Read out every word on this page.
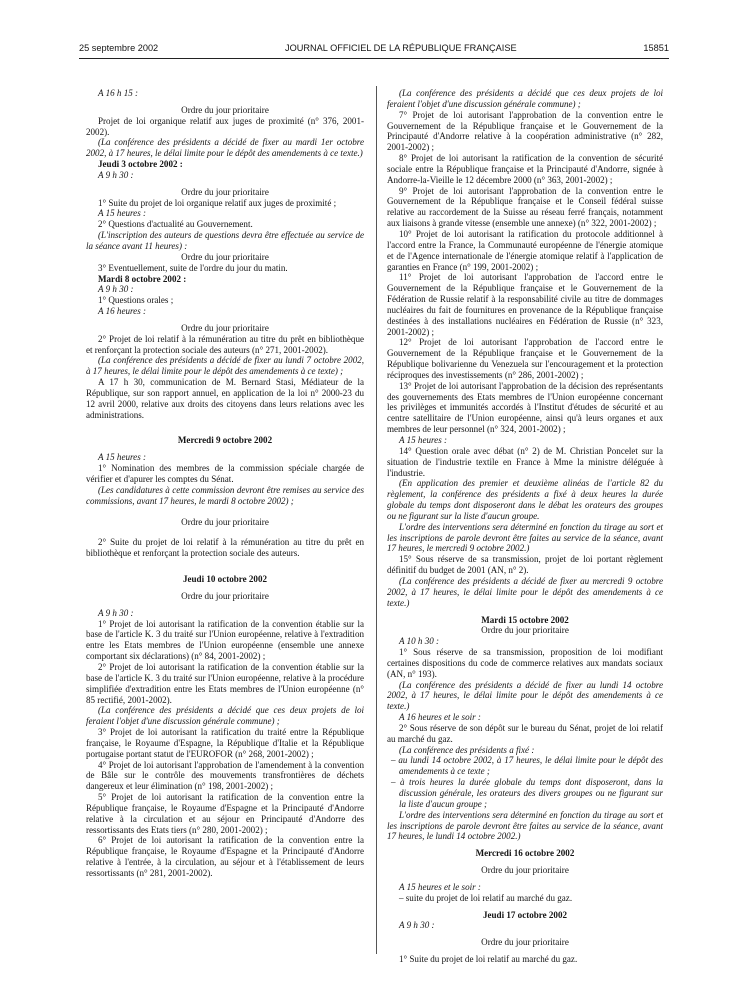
25 septembre 2002	JOURNAL OFFICIEL DE LA RÉPUBLIQUE FRANÇAISE	15851

A 16 h 15 :

Ordre du jour prioritaire

Projet de loi organique relatif aux juges de proximité (n° 376, 2001-2002).

(La conférence des présidents a décidé de fixer au mardi 1er octobre 2002, à 17 heures, le délai limite pour le dépôt des amendements à ce texte.)

Jeudi 3 octobre 2002 :

A 9 h 30 :

Ordre du jour prioritaire

1° Suite du projet de loi organique relatif aux juges de proximité ;

A 15 heures :

2° Questions d'actualité au Gouvernement.

(L'inscription des auteurs de questions devra être effectuée au service de la séance avant 11 heures) :

Ordre du jour prioritaire

3° Eventuellement, suite de l'ordre du jour du matin.

Mardi 8 octobre 2002 :

A 9 h 30 :

1° Questions orales ;

A 16 heures :

Ordre du jour prioritaire

2° Projet de loi relatif à la rémunération au titre du prêt en bibliothèque et renforçant la protection sociale des auteurs (n° 271, 2001-2002).

(La conférence des présidents a décidé de fixer au lundi 7 octobre 2002, à 17 heures, le délai limite pour le dépôt des amendements à ce texte) ;

A 17 h 30, communication de M. Bernard Stasi, Médiateur de la République, sur son rapport annuel, en application de la loi n° 2000-23 du 12 avril 2000, relative aux droits des citoyens dans leurs relations avec les administrations.

Mercredi 9 octobre 2002

A 15 heures :

1° Nomination des membres de la commission spéciale chargée de vérifier et d'apurer les comptes du Sénat.

(Les candidatures à cette commission devront être remises au service des commissions, avant 17 heures, le mardi 8 octobre 2002) ;

Ordre du jour prioritaire

2° Suite du projet de loi relatif à la rémunération au titre du prêt en bibliothèque et renforçant la protection sociale des auteurs.

Jeudi 10 octobre 2002

Ordre du jour prioritaire

A 9 h 30 :

1° Projet de loi autorisant la ratification de la convention établie sur la base de l'article K. 3 du traité sur l'Union européenne, relative à l'extradition entre les Etats membres de l'Union européenne (ensemble une annexe comportant six déclarations) (n° 84, 2001-2002) ;

2° Projet de loi autorisant la ratification de la convention établie sur la base de l'article K. 3 du traité sur l'Union européenne, relative à la procédure simplifiée d'extradition entre les Etats membres de l'Union européenne (n° 85 rectifié, 2001-2002).

(La conférence des présidents a décidé que ces deux projets de loi feraient l'objet d'une discussion générale commune) ;

3° Projet de loi autorisant la ratification du traité entre la République française, le Royaume d'Espagne, la République d'Italie et la République portugaise portant statut de l'EUROFOR (n° 268, 2001-2002) ;

4° Projet de loi autorisant l'approbation de l'amendement à la convention de Bâle sur le contrôle des mouvements transfrontières de déchets dangereux et leur élimination (n° 198, 2001-2002) ;

5° Projet de loi autorisant la ratification de la convention entre la République française, le Royaume d'Espagne et la Principauté d'Andorre relative à la circulation et au séjour en Principauté d'Andorre des ressortissants des Etats tiers (n° 280, 2001-2002) ;

6° Projet de loi autorisant la ratification de la convention entre la République française, le Royaume d'Espagne et la Principauté d'Andorre relative à l'entrée, à la circulation, au séjour et à l'établissement de leurs ressortissants (n° 281, 2001-2002).

(La conférence des présidents a décidé que ces deux projets de loi feraient l'objet d'une discussion générale commune) ;

7° Projet de loi autorisant l'approbation de la convention entre le Gouvernement de la République française et le Gouvernement de la Principauté d'Andorre relative à la coopération administrative (n° 282, 2001-2002) ;

8° Projet de loi autorisant la ratification de la convention de sécurité sociale entre la République française et la Principauté d'Andorre, signée à Andorre-la-Vieille le 12 décembre 2000 (n° 363, 2001-2002) ;

9° Projet de loi autorisant l'approbation de la convention entre le Gouvernement de la République française et le Conseil fédéral suisse relative au raccordement de la Suisse au réseau ferré français, notamment aux liaisons à grande vitesse (ensemble une annexe) (n° 322, 2001-2002) ;

10° Projet de loi autorisant la ratification du protocole additionnel à l'accord entre la France, la Communauté européenne de l'énergie atomique et de l'Agence internationale de l'énergie atomique relatif à l'application de garanties en France (n° 199, 2001-2002) ;

11° Projet de loi autorisant l'approbation de l'accord entre le Gouvernement de la République française et le Gouvernement de la Fédération de Russie relatif à la responsabilité civile au titre de dommages nucléaires du fait de fournitures en provenance de la République française destinées à des installations nucléaires en Fédération de Russie (n° 323, 2001-2002) ;

12° Projet de loi autorisant l'approbation de l'accord entre le Gouvernement de la République française et le Gouvernement de la République bolivarienne du Venezuela sur l'encouragement et la protection réciproques des investissements (n° 286, 2001-2002) ;

13° Projet de loi autorisant l'approbation de la décision des représentants des gouvernements des Etats membres de l'Union européenne concernant les privilèges et immunités accordés à l'Institut d'études de sécurité et au centre satellitaire de l'Union européenne, ainsi qu'à leurs organes et aux membres de leur personnel (n° 324, 2001-2002) ;

A 15 heures :

14° Question orale avec débat (n° 2) de M. Christian Poncelet sur la situation de l'industrie textile en France à Mme la ministre déléguée à l'industrie.

(En application des premier et deuxième alinéas de l'article 82 du règlement, la conférence des présidents a fixé à deux heures la durée globale du temps dont disposeront dans le débat les orateurs des groupes ou ne figurant sur la liste d'aucun groupe.

L'ordre des interventions sera déterminé en fonction du tirage au sort et les inscriptions de parole devront être faites au service de la séance, avant 17 heures, le mercredi 9 octobre 2002.)

15° Sous réserve de sa transmission, projet de loi portant règlement définitif du budget de 2001 (AN, n° 2).

(La conférence des présidents a décidé de fixer au mercredi 9 octobre 2002, à 17 heures, le délai limite pour le dépôt des amendements à ce texte.)

Mardi 15 octobre 2002

Ordre du jour prioritaire

A 10 h 30 :

1° Sous réserve de sa transmission, proposition de loi modifiant certaines dispositions du code de commerce relatives aux mandats sociaux (AN, n° 193).

(La conférence des présidents a décidé de fixer au lundi 14 octobre 2002, à 17 heures, le délai limite pour le dépôt des amendements à ce texte.)

A 16 heures et le soir :

2° Sous réserve de son dépôt sur le bureau du Sénat, projet de loi relatif au marché du gaz.

(La conférence des présidents a fixé :

– au lundi 14 octobre 2002, à 17 heures, le délai limite pour le dépôt des amendements à ce texte ;

– à trois heures la durée globale du temps dont disposeront, dans la discussion générale, les orateurs des divers groupes ou ne figurant sur la liste d'aucun groupe ;

L'ordre des interventions sera déterminé en fonction du tirage au sort et les inscriptions de parole devront être faites au service de la séance, avant 17 heures, le lundi 14 octobre 2002.)

Mercredi 16 octobre 2002

Ordre du jour prioritaire

A 15 heures et le soir :

– suite du projet de loi relatif au marché du gaz.

Jeudi 17 octobre 2002

A 9 h 30 :

Ordre du jour prioritaire

1° Suite du projet de loi relatif au marché du gaz.
